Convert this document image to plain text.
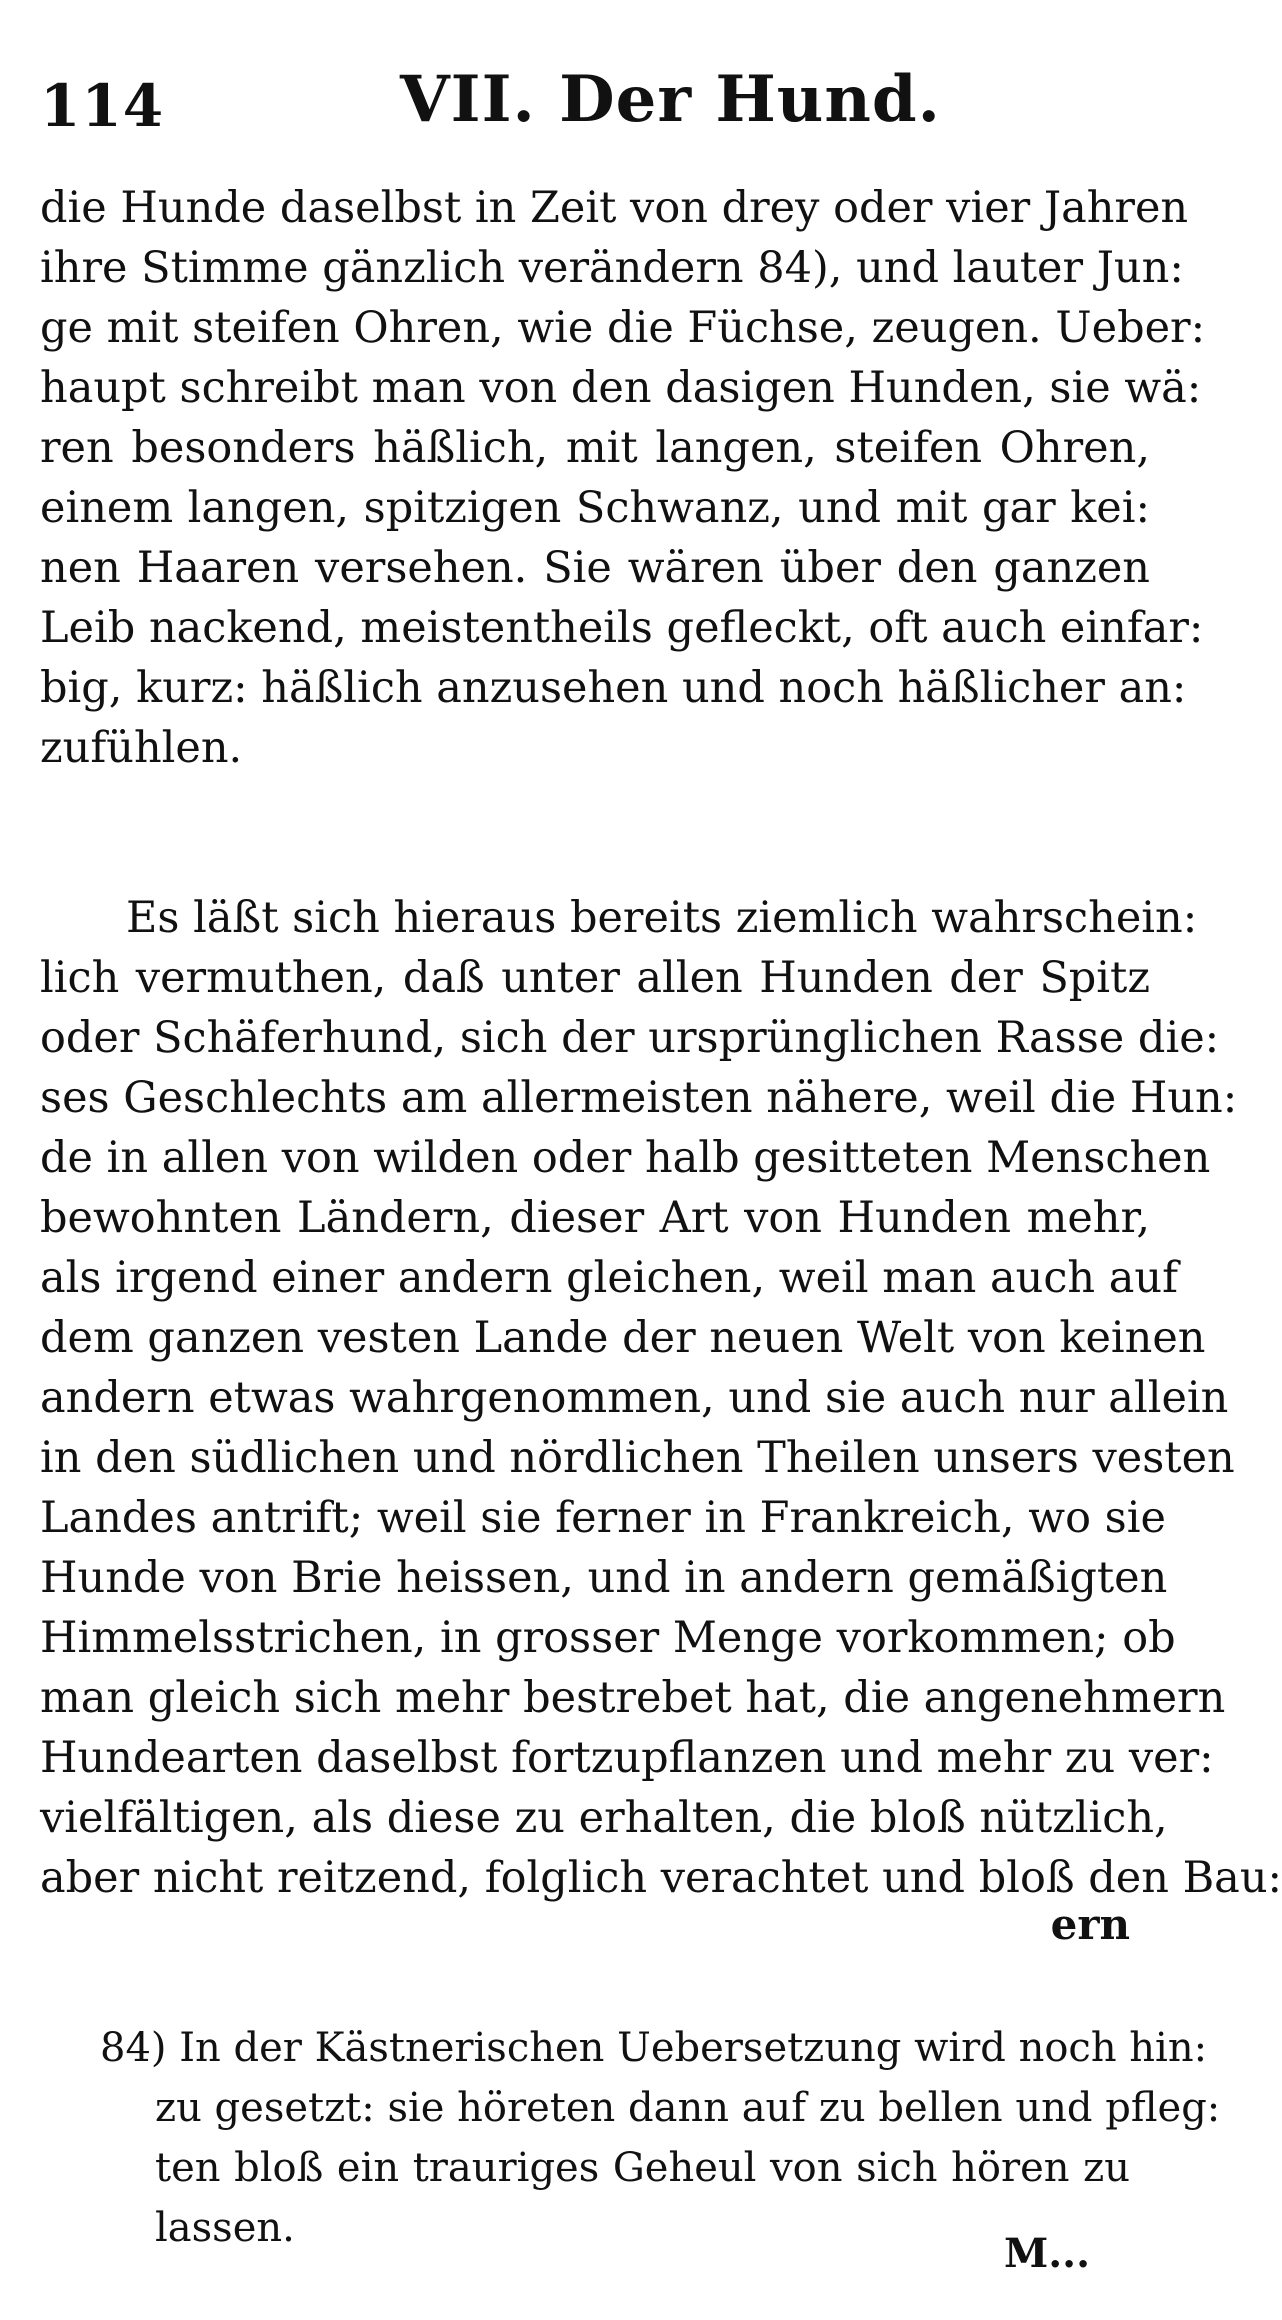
114	VII. Der Hund.
die Hunde daselbst in Zeit von drey oder vier Jahren
ihre Stimme gänzlich verändern 84), und lauter Jun:
ge mit steifen Ohren, wie die Füchse, zeugen. Ueber:
haupt schreibt man von den dasigen Hunden, sie wä:
ren besonders häßlich, mit langen, steifen Ohren,
einem langen, spitzigen Schwanz, und mit gar kei:
nen Haaren versehen. Sie wären über den ganzen
Leib nackend, meistentheils gefleckt, oft auch einfar:
big, kurz: häßlich anzusehen und noch häßlicher an:
zufühlen.
Es läßt sich hieraus bereits ziemlich wahrschein:
lich vermuthen, daß unter allen Hunden der Spitz
oder Schäferhund, sich der ursprünglichen Rasse die:
ses Geschlechts am allermeisten nähere, weil die Hun:
de in allen von wilden oder halb gesitteten Menschen
bewohnten Ländern, dieser Art von Hunden mehr,
als irgend einer andern gleichen, weil man auch auf
dem ganzen vesten Lande der neuen Welt von keinen
andern etwas wahrgenommen, und sie auch nur allein
in den südlichen und nördlichen Theilen unsers vesten
Landes antrift; weil sie ferner in Frankreich, wo sie
Hunde von Brie heissen, und in andern gemäßigten
Himmelsstrichen, in grosser Menge vorkommen; ob
man gleich sich mehr bestrebet hat, die angenehmern
Hundearten daselbst fortzupflanzen und mehr zu ver:
vielfältigen, als diese zu erhalten, die bloß nützlich,
aber nicht reitzend, folglich verachtet und bloß den Bau:
ern
84) In der Kästnerischen Uebersetzung wird noch hin:
zu gesetzt: sie höreten dann auf zu bellen und pfleg:
ten bloß ein trauriges Geheul von sich hören zu
lassen.
M...
